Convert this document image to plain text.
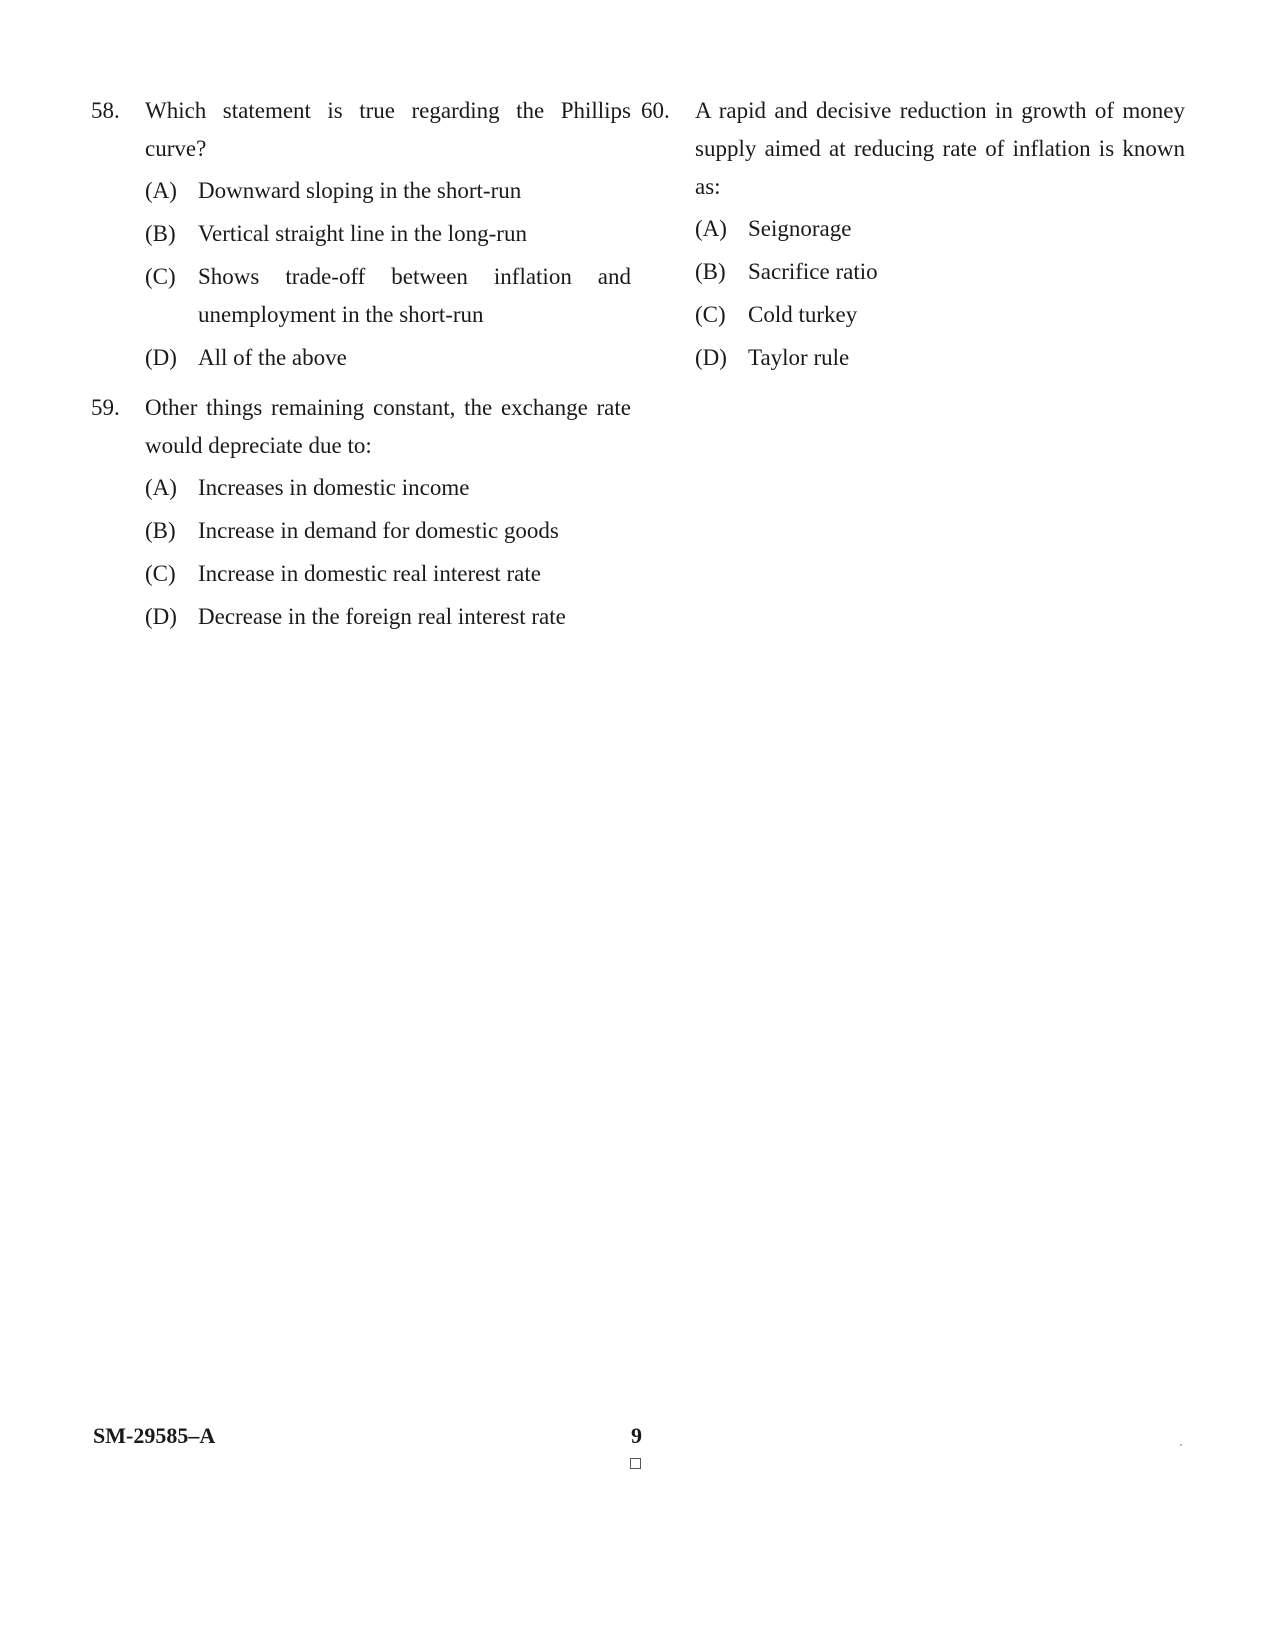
58. Which statement is true regarding the Phillips curve?
(A) Downward sloping in the short-run
(B) Vertical straight line in the long-run
(C) Shows trade-off between inflation and unemployment in the short-run
(D) All of the above
59. Other things remaining constant, the exchange rate would depreciate due to:
(A) Increases in domestic income
(B) Increase in demand for domestic goods
(C) Increase in domestic real interest rate
(D) Decrease in the foreign real interest rate
60. A rapid and decisive reduction in growth of money supply aimed at reducing rate of inflation is known as:
(A) Seignorage
(B) Sacrifice ratio
(C) Cold turkey
(D) Taylor rule
SM-29585–A	9
